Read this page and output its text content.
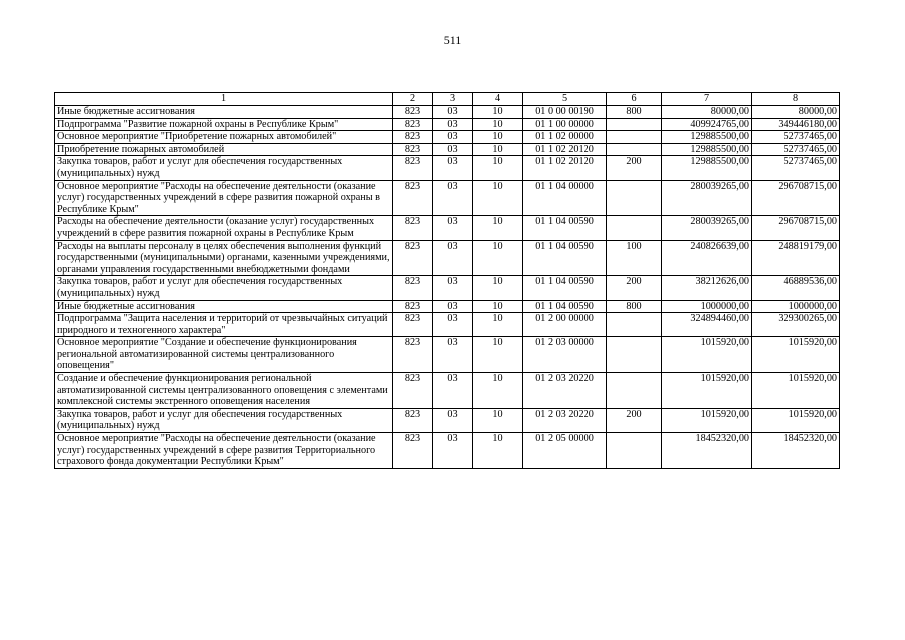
511
1	2	3	4	5	6	7	8
Иные бюджетные ассигнования	823	03	10	01 0 00 00190	800	80000,00	80000,00
Подпрограмма "Развитие пожарной охраны в Республике Крым"	823	03	10	01 1 00 00000		409924765,00	349446180,00
Основное мероприятие "Приобретение пожарных автомобилей"	823	03	10	01 1 02 00000		129885500,00	52737465,00
Приобретение пожарных автомобилей	823	03	10	01 1 02 20120		129885500,00	52737465,00
Закупка товаров, работ и услуг для обеспечения государственных (муниципальных) нужд	823	03	10	01 1 02 20120	200	129885500,00	52737465,00
Основное мероприятие "Расходы на обеспечение деятельности (оказание услуг) государственных учреждений в сфере развития пожарной охраны в Республике Крым"	823	03	10	01 1 04 00000		280039265,00	296708715,00
Расходы на обеспечение деятельности (оказание услуг) государственных учреждений в сфере развития пожарной охраны в Республике Крым	823	03	10	01 1 04 00590		280039265,00	296708715,00
Расходы на выплаты персоналу в целях обеспечения выполнения функций государственными (муниципальными) органами, казенными учреждениями, органами управления государственными внебюджетными фондами	823	03	10	01 1 04 00590	100	240826639,00	248819179,00
Закупка товаров, работ и услуг для обеспечения государственных (муниципальных) нужд	823	03	10	01 1 04 00590	200	38212626,00	46889536,00
Иные бюджетные ассигнования	823	03	10	01 1 04 00590	800	1000000,00	1000000,00
Подпрограмма "Защита населения и территорий от чрезвычайных ситуаций природного и техногенного характера"	823	03	10	01 2 00 00000		324894460,00	329300265,00
Основное мероприятие "Создание и обеспечение функционирования региональной автоматизированной системы централизованного оповещения"	823	03	10	01 2 03 00000		1015920,00	1015920,00
Создание и обеспечение функционирования региональной автоматизированной системы централизованного оповещения с элементами комплексной системы экстренного оповещения населения	823	03	10	01 2 03 20220		1015920,00	1015920,00
Закупка товаров, работ и услуг для обеспечения государственных (муниципальных) нужд	823	03	10	01 2 03 20220	200	1015920,00	1015920,00
Основное мероприятие "Расходы на обеспечение деятельности (оказание услуг) государственных учреждений в сфере развития Территориального страхового фонда документации Республики Крым"	823	03	10	01 2 05 00000		18452320,00	18452320,00
